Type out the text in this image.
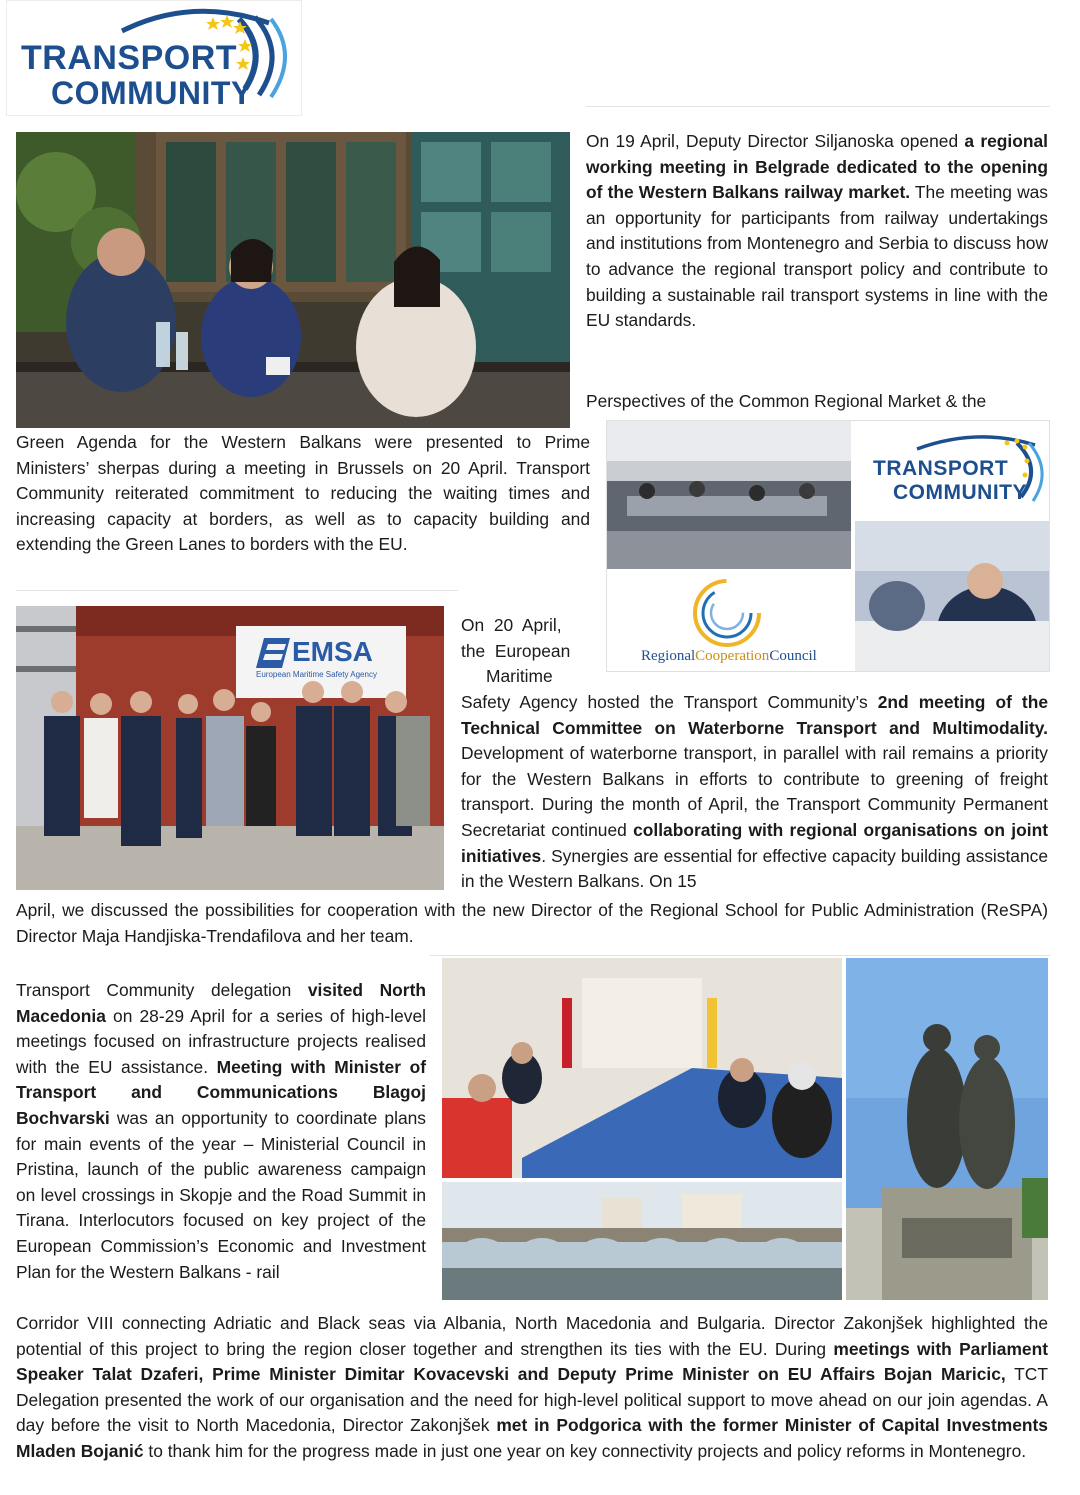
TRANSPORT
COMMUNITY
On 19 April, Deputy Director Siljanoska opened a regional working meeting in Belgrade dedicated to the opening of the Western Balkans railway market. The meeting was an opportunity for participants from railway undertakings and institutions from Montenegro and Serbia to discuss how to advance the regional transport policy and contribute to building a sustainable rail transport systems in line with the EU standards.
Perspectives of the Common Regional Market & the
Green Agenda for the Western Balkans were presented to Prime Ministers’ sherpas during a meeting in Brussels on 20 April. Transport Community reiterated commitment to reducing the waiting times and increasing capacity at borders, as well as to capacity building and extending the Green Lanes to borders with the EU.
TRANSPORT
COMMUNITY
RegionalCooperationCouncil
EMSA
European Maritime Safety Agency
On  20  April,
the  European
Maritime
Safety Agency hosted the Transport Community’s 2nd meeting of the Technical Committee on Waterborne Transport and Multimodality. Development of waterborne transport, in parallel with rail remains a priority for the Western Balkans in efforts to contribute to greening of freight transport. During the month of April, the Transport Community Permanent Secretariat continued collaborating with regional organisations on joint initiatives. Synergies are essential for effective capacity building assistance in the Western Balkans. On 15
April, we discussed the possibilities for cooperation with the new Director of the Regional School for Public Administration (ReSPA) Director Maja Handjiska-Trendafilova and her team.
Transport Community delegation visited North Macedonia on 28-29 April for a series of high-level meetings focused on infrastructure projects realised with the EU assistance. Meeting with Minister of Transport and Communications Blagoj Bochvarski was an opportunity to coordinate plans for main events of the year – Ministerial Council in Pristina, launch of the public awareness campaign on level crossings in Skopje and the Road Summit in Tirana. Interlocutors focused on key project of the European Commission’s Economic and Investment Plan for the Western Balkans - rail
Corridor VIII connecting Adriatic and Black seas via Albania, North Macedonia and Bulgaria. Director Zakonjšek highlighted the potential of this project to bring the region closer together and strengthen its ties with the EU. During meetings with Parliament Speaker Talat Dzaferi, Prime Minister Dimitar Kovacevski and Deputy Prime Minister on EU Affairs Bojan Maricic, TCT Delegation presented the work of our organisation and the need for high-level political support to move ahead on our join agendas. A day before the visit to North Macedonia, Director Zakonjšek met in Podgorica with the former Minister of Capital Investments Mladen Bojanić to thank him for the progress made in just one year on key connectivity projects and policy reforms in Montenegro.
